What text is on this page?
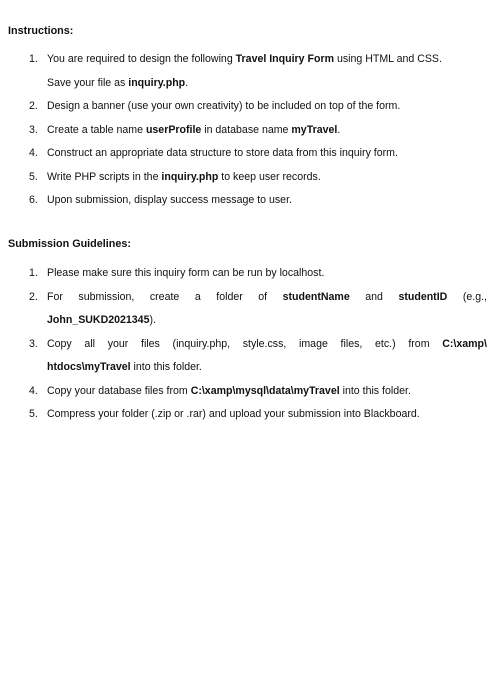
Instructions:
1. You are required to design the following Travel Inquiry Form using HTML and CSS.
Save your file as inquiry.php.
2. Design a banner (use your own creativity) to be included on top of the form.
3. Create a table name userProfile in database name myTravel.
4. Construct an appropriate data structure to store data from this inquiry form.
5. Write PHP scripts in the inquiry.php to keep user records.
6. Upon submission, display success message to user.
Submission Guidelines:
1. Please make sure this inquiry form can be run by localhost.
2. For submission, create a folder of studentName and studentID (e.g.,
John_SUKD2021345).
3. Copy all your files (inquiry.php, style.css, image files, etc.) from C:\xamp\
htdocs\myTravel into this folder.
4. Copy your database files from C:\xamp\mysql\data\myTravel into this folder.
5. Compress your folder (.zip or .rar) and upload your submission into Blackboard.
